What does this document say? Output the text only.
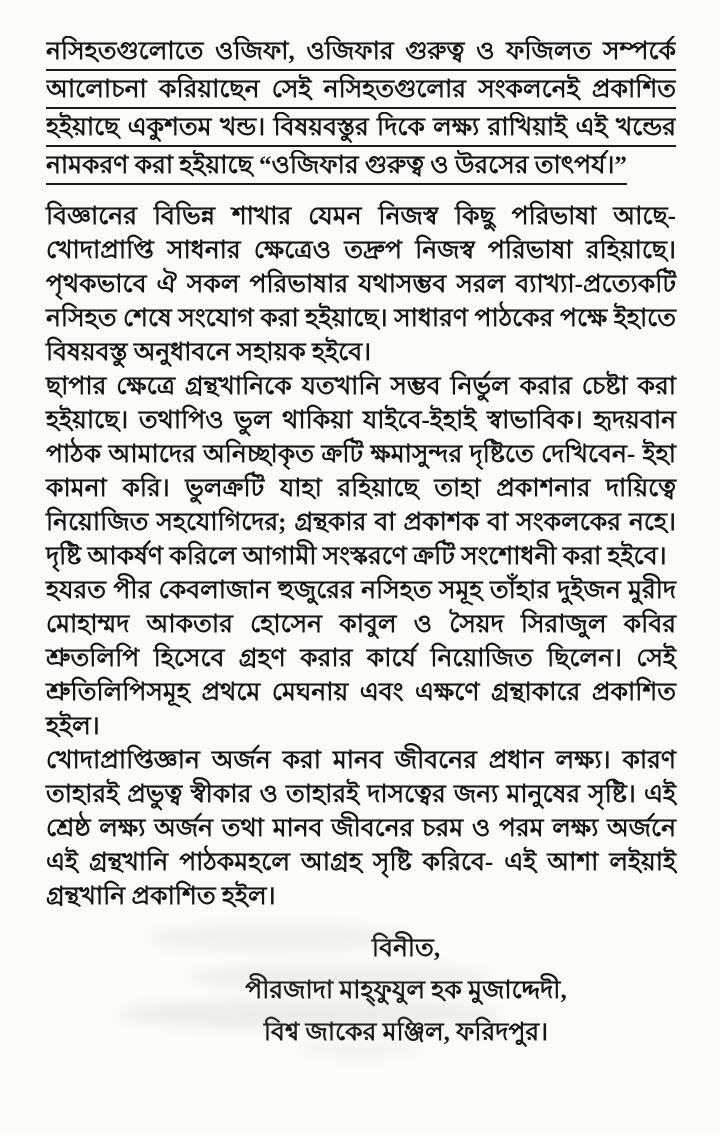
নসিহতগুলোতে ওজিফা, ওজিফার গুরুত্ব ও ফজিলত সম্পর্কে
আলোচনা করিয়াছেন সেই নসিহতগুলোর সংকলনেই প্রকাশিত
হইয়াছে একুশতম খন্ড। বিষয়বস্তুর দিকে লক্ষ্য রাখিয়াই এই খন্ডের
নামকরণ করা হইয়াছে “ওজিফার গুরুত্ব ও উরসের তাৎপর্য।”

বিজ্ঞানের বিভিন্ন শাখার যেমন নিজস্ব কিছু পরিভাষা আছে- খোদাপ্রাপ্তি সাধনার ক্ষেত্রেও তদ্রুপ নিজস্ব পরিভাষা রহিয়াছে। পৃথকভাবে ঐ সকল পরিভাষার যথাসম্ভব সরল ব্যাখ্যা-প্রত্যেকটি নসিহত শেষে সংযোগ করা হইয়াছে। সাধারণ পাঠকের পক্ষে ইহাতে বিষয়বস্তু অনুধাবনে সহায়ক হইবে।

ছাপার ক্ষেত্রে গ্রন্থখানিকে যতখানি সম্ভব নির্ভুল করার চেষ্টা করা হইয়াছে। তথাপিও ভুল থাকিয়া যাইবে-ইহাই স্বাভাবিক। হৃদয়বান পাঠক আমাদের অনিচ্ছাকৃত ক্রটি ক্ষমাসুন্দর দৃষ্টিতে দেখিবেন- ইহা কামনা করি। ভুলক্রটি যাহা রহিয়াছে তাহা প্রকাশনার দায়িত্বে নিয়োজিত সহযোগিদের; গ্রন্থকার বা প্রকাশক বা সংকলকের নহে। দৃষ্টি আকর্ষণ করিলে আগামী সংস্করণে ক্রটি সংশোধনী করা হইবে।

হযরত পীর কেবলাজান হুজুরের নসিহত সমূহ তাঁহার দুইজন মুরীদ মোহাম্মদ আকতার হোসেন কাবুল ও সৈয়দ সিরাজুল কবির শ্রুতলিপি হিসেবে গ্রহণ করার কার্যে নিয়োজিত ছিলেন। সেই শ্রুতিলিপিসমূহ প্রথমে মেঘনায় এবং এক্ষণে গ্রন্থাকারে প্রকাশিত হইল।

খোদাপ্রাপ্তিজ্ঞান অর্জন করা মানব জীবনের প্রধান লক্ষ্য। কারণ তাহারই প্রভুত্ব স্বীকার ও তাহারই দাসত্বের জন্য মানুষের সৃষ্টি। এই শ্রেষ্ঠ লক্ষ্য অর্জন তথা মানব জীবনের চরম ও পরম লক্ষ্য অর্জনে এই গ্রন্থখানি পাঠকমহলে আগ্রহ সৃষ্টি করিবে- এই আশা লইয়াই গ্রন্থখানি প্রকাশিত হইল।

বিনীত,
পীরজাদা মাহ্‌ফুযুল হক মুজাদ্দেদী,
বিশ্ব জাকের মঞ্জিল, ফরিদপুর।
